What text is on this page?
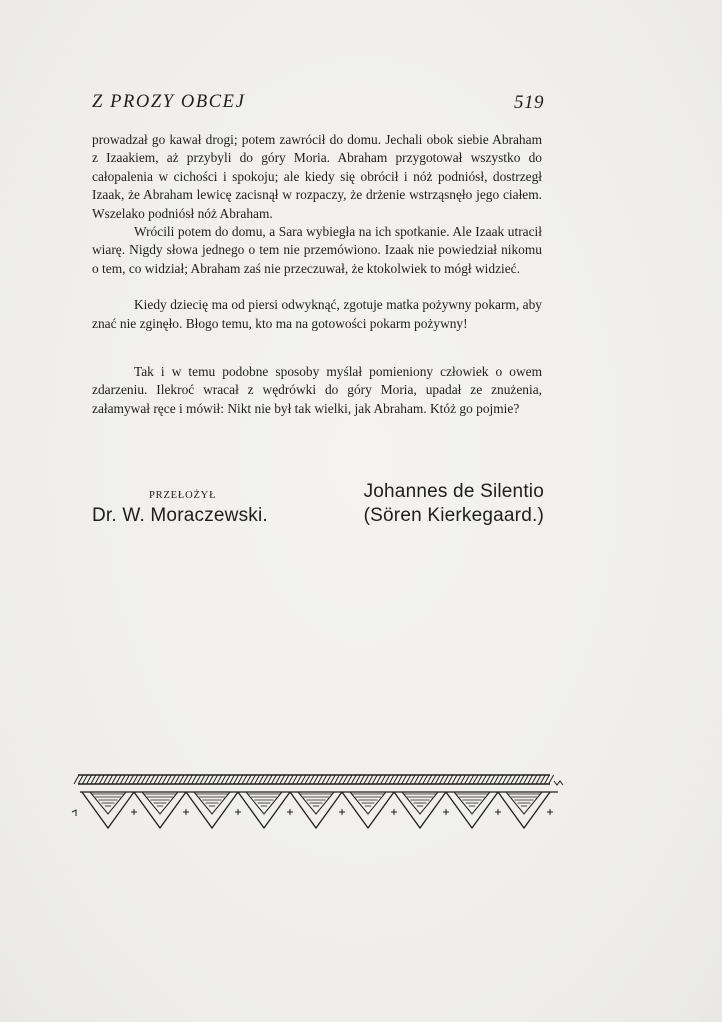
Z PROZY OBCEJ	519

prowadzał go kawał drogi; potem zawrócił do domu. Jechali obok siebie Abraham z Izaakiem, aż przybyli do góry Moria. Abraham przygotował wszystko do całopalenia w cichości i spokoju; ale kiedy się obrócił i nóż podniósł, dostrzegł Izaak, że Abraham lewicę zacisnął w rozpaczy, że drżenie wstrząsnęło jego ciałem. Wszelako podniósł nóż Abraham.

Wrócili potem do domu, a Sara wybiegła na ich spotkanie. Ale Izaak utracił wiarę. Nigdy słowa jednego o tem nie przemówiono. Izaak nie powiedział nikomu o tem, co widział; Abraham zaś nie przeczuwał, że ktokolwiek to mógł widzieć.

Kiedy dziecię ma od piersi odwyknąć, zgotuje matka pożywny pokarm, aby znać nie zginęło. Błogo temu, kto ma na gotowości pokarm pożywny!

Tak i w temu podobne sposoby myślał pomieniony człowiek o owem zdarzeniu. Ilekroć wracał z wędrówki do góry Moria, upadał ze znużenia, załamywał ręce i mówił: Nikt nie był tak wielki, jak Abraham. Któż go pojmie?

PRZEŁOŻYŁ
Dr. W. Moraczewski.
Johannes de Silentio
(Sören Kierkegaard.)
